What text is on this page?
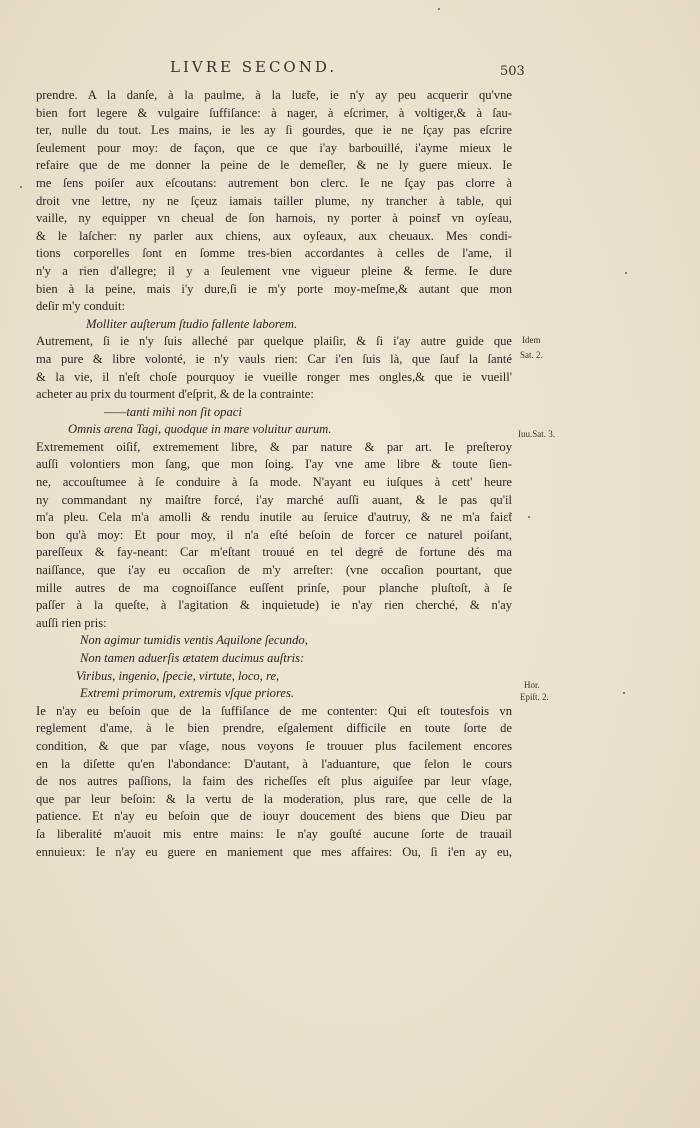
LIVRE SECOND.	503
prendre. A la danſe, à la paulme, à la luɛ̃te, ie n'y ay peu acquerir qu'vne
bien fort legere & vulgaire ſuffiſance: à nager, à eſcrimer, à voltiger,& à ſau-
ter, nulle du tout. Les mains, ie les ay ſi gourdes, que ie ne ſçay pas eſcrire
ſeulement pour moy: de façon, que ce que i'ay barbouillé, i'ayme mieux le
refaire que de me donner la peine de le demeſler, & ne ly guere mieux. Ie
me ſens poiſer aux eſcoutans: autrement bon clerc. Ie ne ſçay pas clorre à
droit vne lettre, ny ne ſçeuz iamais tailler plume, ny trancher à table, qui
vaille, ny equipper vn cheual de ſon harnois, ny porter à poinɛ̃t vn oyſeau,
& le laſcher: ny parler aux chiens, aux oyſeaux, aux cheuaux. Mes condi-
tions corporelles ſont en ſomme tres-bien accordantes à celles de l'ame, il
n'y a rien d'allegre; il y a ſeulement vne vigueur pleine & ferme. Ie dure
bien à la peine, mais i'y dure,ſi ie m'y porte moy-meſme,& autant que mon
deſir m'y conduit:
Molliter auſterum ſtudio fallente laborem.
Autrement, ſi ie n'y ſuis alleché par quelque plaiſir, & ſi i'ay autre guide que
ma pure & libre volonté, ie n'y vauls rien: Car i'en ſuis là, que ſauf la ſanté
& la vie, il n'eſt choſe pourquoy ie vueille ronger mes ongles,& que ie vueill'
acheter au prix du tourment d'eſprit, & de la contrainte:
——tanti mihi non ſit opaci
Omnis arena Tagi, quodque in mare voluitur aurum.
Extremement oiſif, extremement libre, & par nature & par art. Ie preſteroy
auſſi volontiers mon ſang, que mon ſoing. I'ay vne ame libre & toute ſien-
ne, accouſtumee à ſe conduire à ſa mode. N'ayant eu iuſques à cett' heure
ny commandant ny maiſtre forcé, i'ay marché auſſi auant, & le pas qu'il
m'a pleu. Cela m'a amolli & rendu inutile au ſeruice d'autruy, & ne m'a faiɛ̃t
bon qu'à moy: Et pour moy, il n'a eſté beſoin de forcer ce naturel poiſant,
pareſſeux & fay-neant: Car m'eſtant trouué en tel degré de fortune dés ma
naiſſance, que i'ay eu occaſion de m'y arreſter: (vne occaſion pourtant, que
mille autres de ma cognoiſſance euſſent prinſe, pour planche pluſtoſt, à ſe
paſſer à la queſte, à l'agitation & inquietude) ie n'ay rien cherché, & n'ay
auſſi rien pris:
Non agimur tumidis ventis Aquilone ſecundo,
Non tamen aduerſis ætatem ducimus auſtris:
Viribus, ingenio, ſpecie, virtute, loco, re,
Extremi primorum, extremis vſque priores.
Ie n'ay eu beſoin que de la ſuffiſance de me contenter: Qui eſt toutesfois vn
reglement d'ame, à le bien prendre, eſgalement difficile en toute ſorte de
condition, & que par vſage, nous voyons ſe trouuer plus facilement encores
en la diſette qu'en l'abondance: D'autant, à l'aduanture, que ſelon le cours
de nos autres paſſions, la faim des richeſſes eſt plus aiguiſee par leur vſage,
que par leur beſoin: & la vertu de la moderation, plus rare, que celle de la
patience. Et n'ay eu beſoin que de iouyr doucement des biens que Dieu par
ſa liberalité m'auoit mis entre mains: Ie n'ay gouſté aucune ſorte de trauail
ennuieux: Ie n'ay eu guere en maniement que mes affaires: Ou, ſi i'en ay eu,
Idem
Sat. 2.
Iuu.Sat. 3.
Hor.
Epiſt. 2.
